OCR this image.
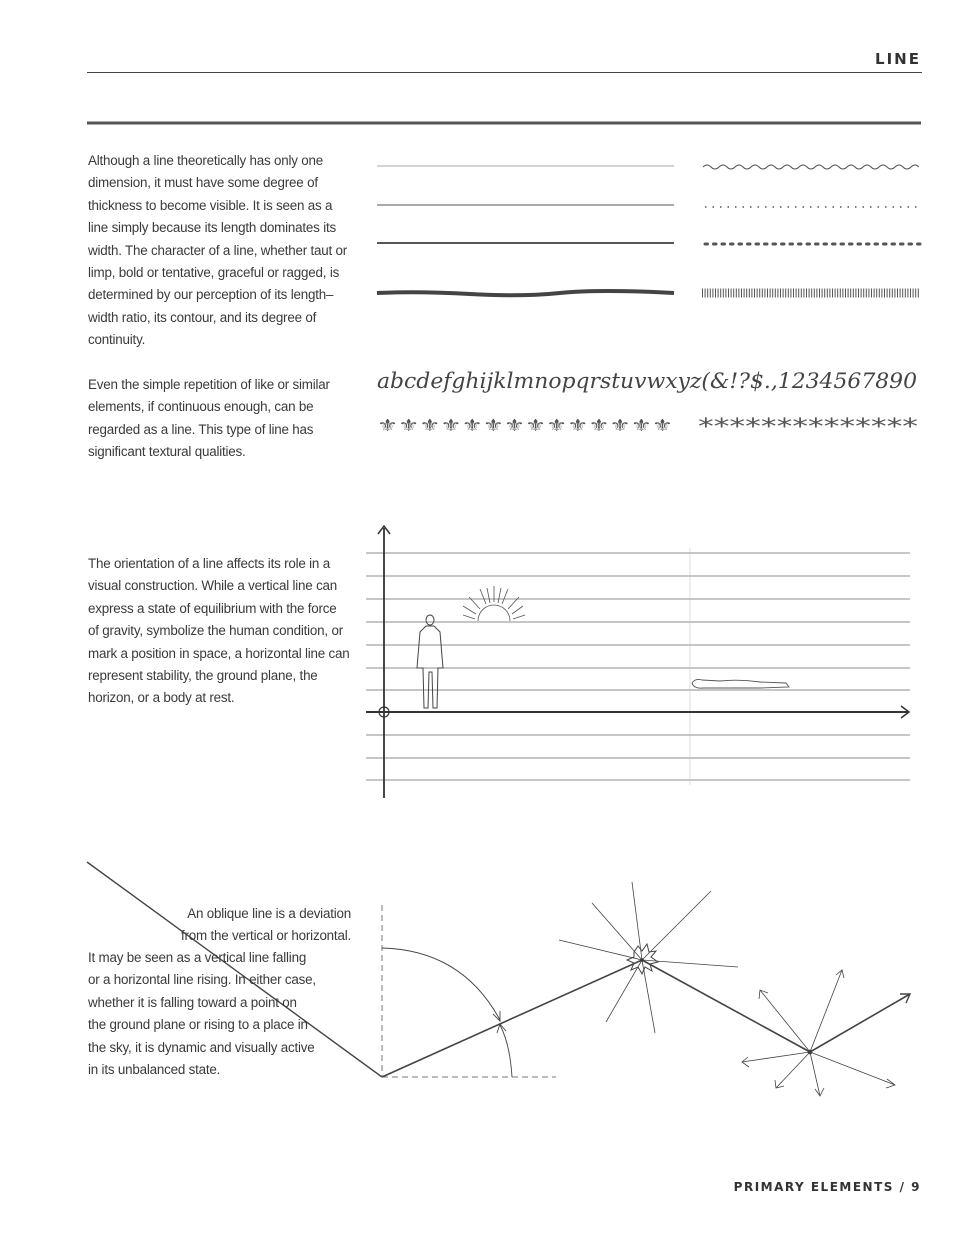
LINE
abcdefghijklmnopqrstuvwxyz(&!?$.,1234567890
⚜⚜⚜⚜⚜⚜⚜⚜⚜⚜⚜⚜⚜⚜ **************
Although a line theoretically has only one dimension, it must have some degree of thickness to become visible. It is seen as a line simply because its length dominates its width. The character of a line, whether taut or limp, bold or tentative, graceful or ragged, is determined by our perception of its length–width ratio, its contour, and its degree of continuity.
Even the simple repetition of like or similar elements, if continuous enough, can be regarded as a line. This type of line has significant textural qualities.
The orientation of a line affects its role in a visual construction. While a vertical line can express a state of equilibrium with the force of gravity, symbolize the human condition, or mark a position in space, a horizontal line can represent stability, the ground plane, the horizon, or a body at rest.
An oblique line is a deviation from the vertical or horizontal.
It may be seen as a vertical line falling or a horizontal line rising. In either case, whether it is falling toward a point on the ground plane or rising to a place in the sky, it is dynamic and visually active in its unbalanced state.
PRIMARY ELEMENTS / 9
